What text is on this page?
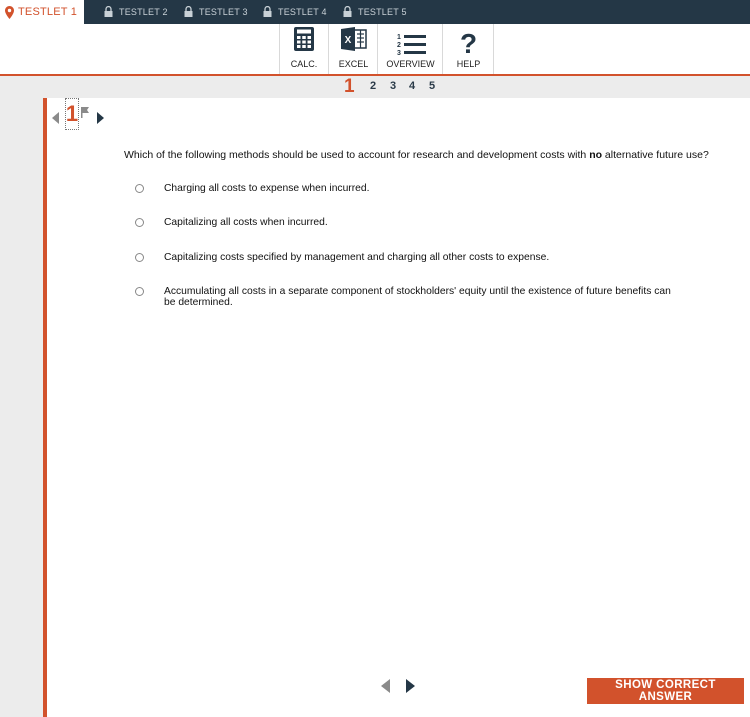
TESTLET 1	TESTLET 2	TESTLET 3	TESTLET 4	TESTLET 5
CALC.
X
EXCEL
1
2
3
OVERVIEW
?
HELP
1 2 3 4 5
1
Which of the following methods should be used to account for research and development costs with no alternative future use?
Charging all costs to expense when incurred.
Capitalizing all costs when incurred.
Capitalizing costs specified by management and charging all other costs to expense.
Accumulating all costs in a separate component of stockholders' equity until the existence of future benefits can be determined.
SHOW CORRECT ANSWER
